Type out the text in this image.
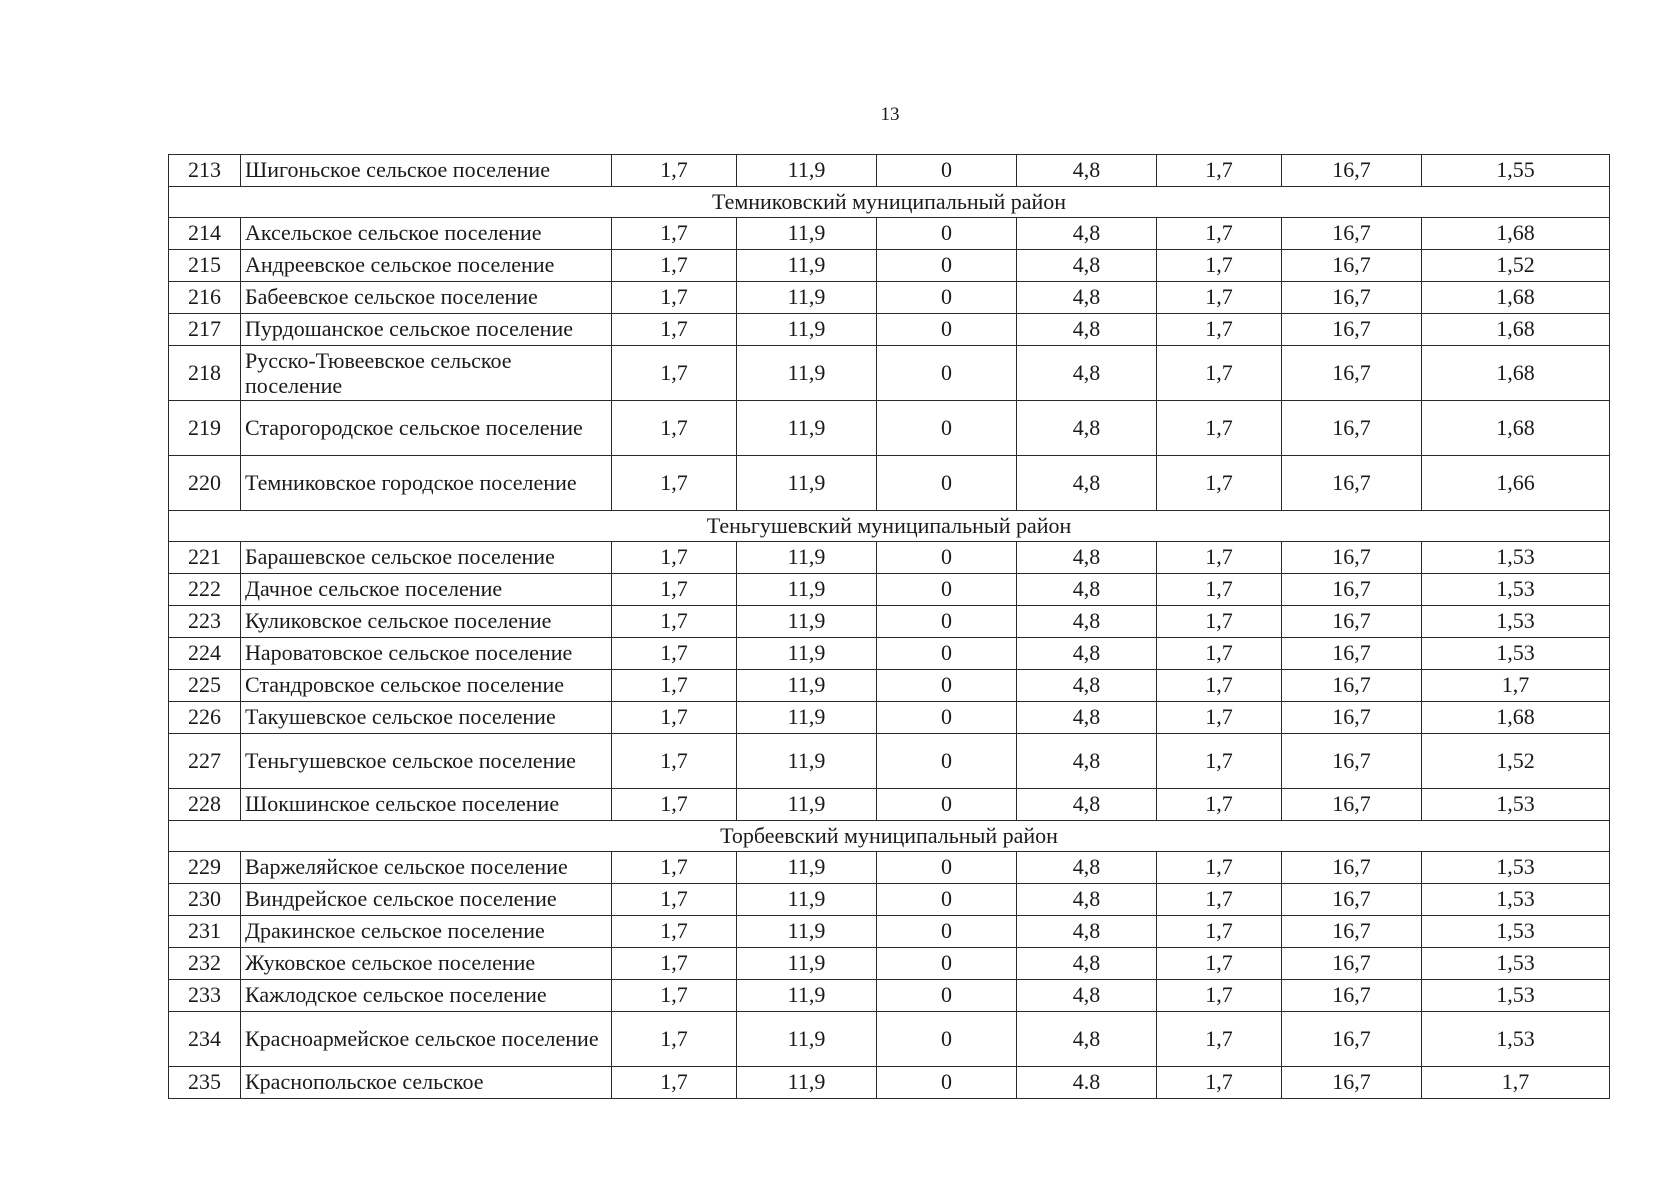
13
213	Шигоньское сельское поселение	1,7	11,9	0	4,8	1,7	16,7	1,55
Темниковский муниципальный район								
214	Аксельское сельское поселение	1,7	11,9	0	4,8	1,7	16,7	1,68
215	Андреевское сельское поселение	1,7	11,9	0	4,8	1,7	16,7	1,52
216	Бабеевское сельское поселение	1,7	11,9	0	4,8	1,7	16,7	1,68
217	Пурдошанское сельское поселение	1,7	11,9	0	4,8	1,7	16,7	1,68
218	Русско-Тювеевское сельское поселение	1,7	11,9	0	4,8	1,7	16,7	1,68
219	Старогородское сельское поселение	1,7	11,9	0	4,8	1,7	16,7	1,68
220	Темниковское городское поселение	1,7	11,9	0	4,8	1,7	16,7	1,66
Теньгушевский муниципальный район								
221	Барашевское сельское поселение	1,7	11,9	0	4,8	1,7	16,7	1,53
222	Дачное сельское поселение	1,7	11,9	0	4,8	1,7	16,7	1,53
223	Куликовское сельское поселение	1,7	11,9	0	4,8	1,7	16,7	1,53
224	Нароватовское сельское поселение	1,7	11,9	0	4,8	1,7	16,7	1,53
225	Стандровское сельское поселение	1,7	11,9	0	4,8	1,7	16,7	1,7
226	Такушевское сельское поселение	1,7	11,9	0	4,8	1,7	16,7	1,68
227	Теньгушевское сельское поселение	1,7	11,9	0	4,8	1,7	16,7	1,52
228	Шокшинское сельское поселение	1,7	11,9	0	4,8	1,7	16,7	1,53
Торбеевский муниципальный район								
229	Варжеляйское сельское поселение	1,7	11,9	0	4,8	1,7	16,7	1,53
230	Виндрейское сельское поселение	1,7	11,9	0	4,8	1,7	16,7	1,53
231	Дракинское сельское поселение	1,7	11,9	0	4,8	1,7	16,7	1,53
232	Жуковское сельское поселение	1,7	11,9	0	4,8	1,7	16,7	1,53
233	Кажлодское сельское поселение	1,7	11,9	0	4,8	1,7	16,7	1,53
234	Красноармейское сельское поселение	1,7	11,9	0	4,8	1,7	16,7	1,53
235	Краснопольское сельское	1,7	11,9	0	4.8	1,7	16,7	1,7
